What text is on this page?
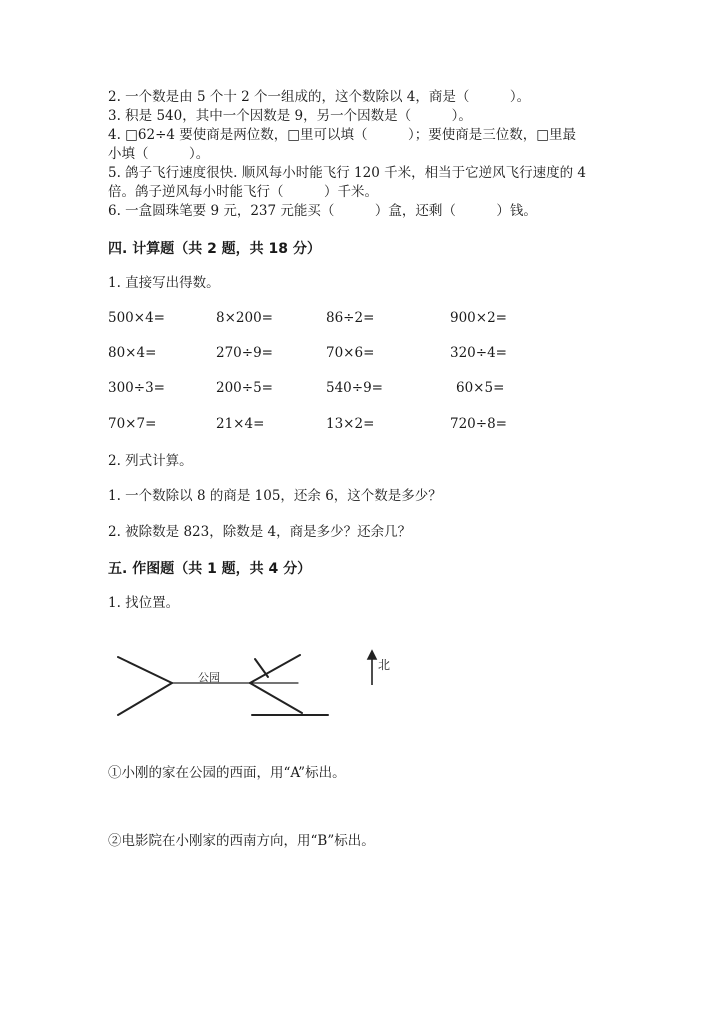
2. 一个数是由 5 个十 2 个一组成的，这个数除以 4，商是（　　　）。
3. 积是 540，其中一个因数是 9，另一个因数是（　　　）。
4. □62÷4 要使商是两位数，□里可以填（　　　）；要使商是三位数，□里最
小填（　　　）。
5. 鸽子飞行速度很快. 顺风每小时能飞行 120 千米，相当于它逆风飞行速度的 4
倍。鸽子逆风每小时能飞行（　　　）千米。
6. 一盒圆珠笔要 9 元，237 元能买（　　　）盒，还剩（　　　）钱。
四. 计算题（共 2 题，共 18 分）
1. 直接写出得数。
500×4=	8×200=	86÷2=	900×2=
80×4=	270÷9=	70×6=	320÷4=
300÷3=	200÷5=	540÷9=	60×5=
70×7=	21×4=	13×2=	720÷8=
2. 列式计算。
1. 一个数除以 8 的商是 105，还余 6，这个数是多少？
2. 被除数是 823，除数是 4，商是多少？还余几？
五. 作图题（共 1 题，共 4 分）
1. 找位置。
公园
北
①小刚的家在公园的西面，用“A”标出。
②电影院在小刚家的西南方向，用“B”标出。
